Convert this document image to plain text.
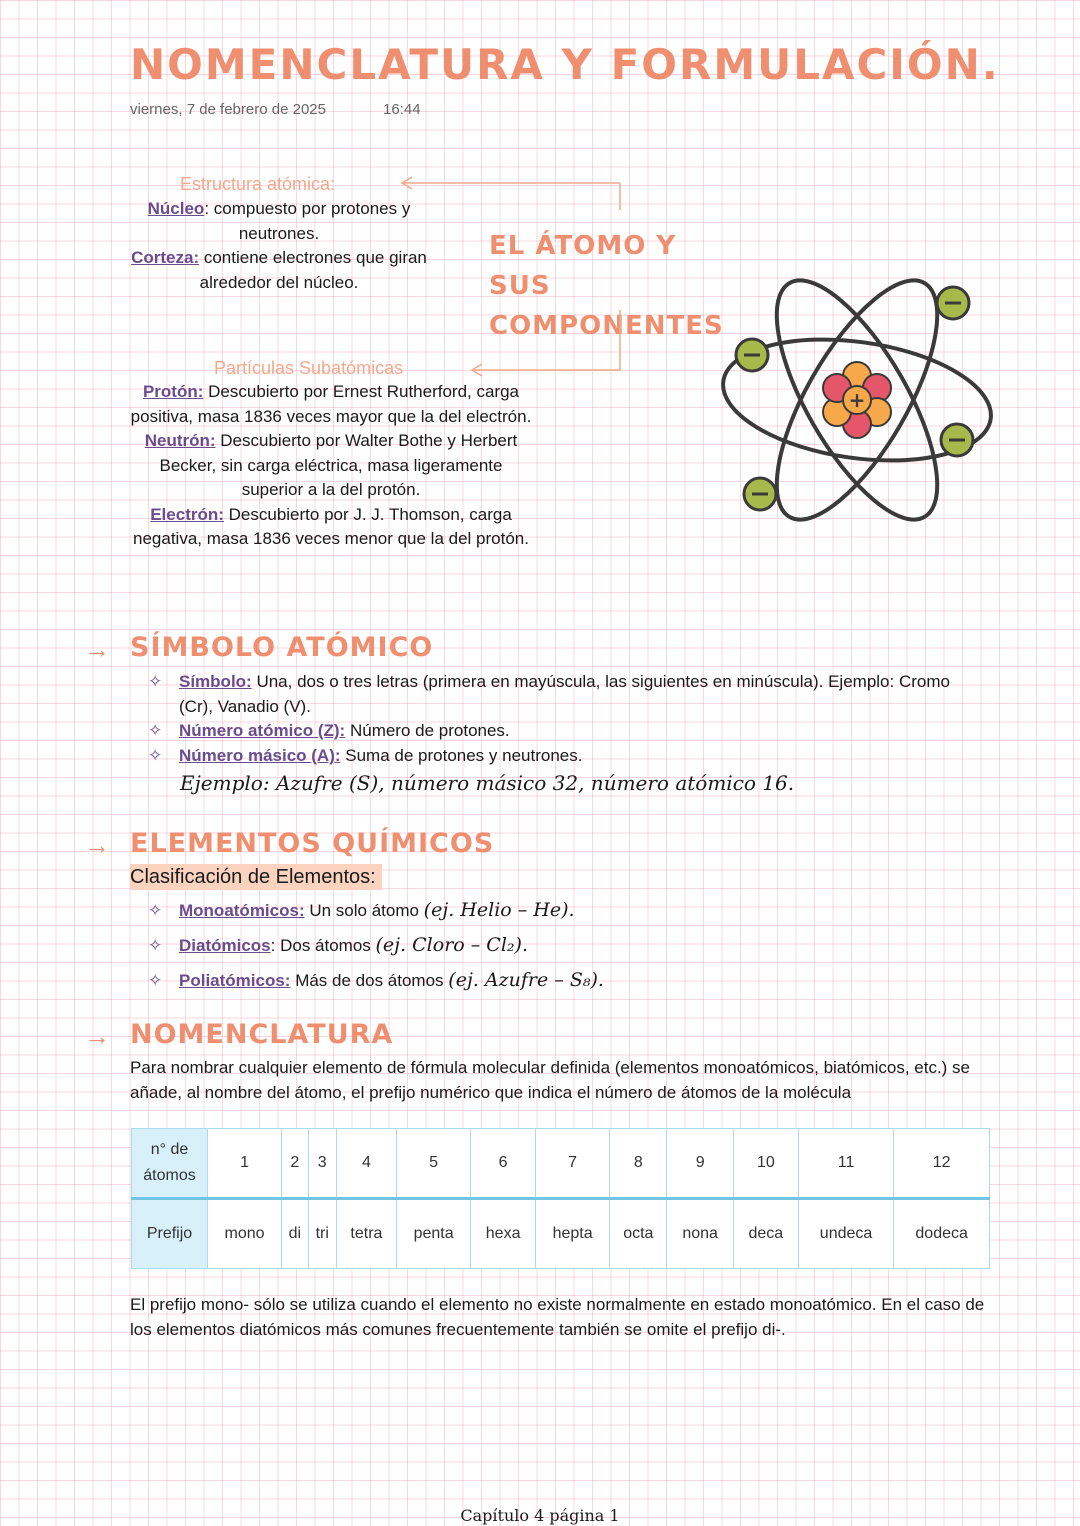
NOMENCLATURA Y FORMULACIÓN.
viernes, 7 de febrero de 2025	16:44
Estructura atómica:
Núcleo: compuesto por protones y neutrones.
Corteza: contiene electrones que giran alrededor del núcleo.
EL ÁTOMO Y SUS COMPONENTES
Partículas Subatómicas
Protón: Descubierto por Ernest Rutherford, carga positiva, masa 1836 veces mayor que la del electrón.
Neutrón: Descubierto por Walter Bothe y Herbert Becker, sin carga eléctrica, masa ligeramente superior a la del protón.
Electrón: Descubierto por J. J. Thomson, carga negativa, masa 1836 veces menor que la del protón.
+
→ SÍMBOLO ATÓMICO
✧ Símbolo: Una, dos o tres letras (primera en mayúscula, las siguientes en minúscula). Ejemplo: Cromo (Cr), Vanadio (V).
✧ Número atómico (Z): Número de protones.
✧ Número másico (A): Suma de protones y neutrones.
Ejemplo: Azufre (S), número másico 32, número atómico 16.
→ ELEMENTOS QUÍMICOS
Clasificación de Elementos:
✧ Monoatómicos: Un solo átomo (ej. Helio – He).
✧ Diatómicos: Dos átomos (ej. Cloro – Cl₂).
✧ Poliatómicos: Más de dos átomos (ej. Azufre – S₈).
→ NOMENCLATURA
Para nombrar cualquier elemento de fórmula molecular definida (elementos monoatómicos, biatómicos, etc.) se añade, al nombre del átomo, el prefijo numérico que indica el número de átomos de la molécula
n° de átomos	1	2	3	4	5	6	7	8	9	10	11	12
Prefijo	mono	di	tri	tetra	penta	hexa	hepta	octa	nona	deca	undeca	dodeca
El prefijo mono- sólo se utiliza cuando el elemento no existe normalmente en estado monoatómico. En el caso de los elementos diatómicos más comunes frecuentemente también se omite el prefijo di-.
Capítulo 4 página 1
